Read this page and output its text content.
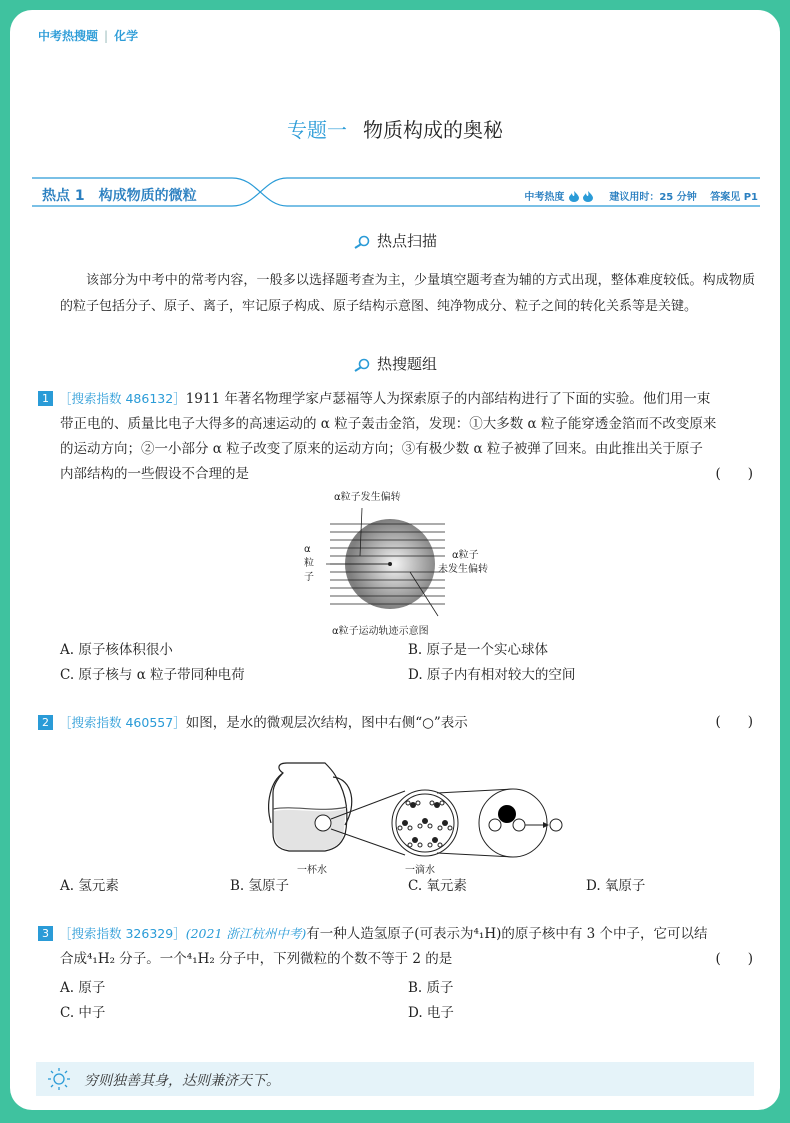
中考热搜题 | 化学
专题一 物质构成的奥秘
热点 1　构成物质的微粒	中考热度	建议用时：25 分钟 答案见 P1
热点扫描
该部分为中考中的常考内容，一般多以选择题考查为主，少量填空题考查为辅的方式出现，整体难度较低。构成物质的粒子包括分子、原子、离子，牢记原子构成、原子结构示意图、纯净物成分、粒子之间的转化关系等是关键。
热搜题组
1 ［搜索指数 486132］1911 年著名物理学家卢瑟福等人为探索原子的内部结构进行了下面的实验。他们用一束
带正电的、质量比电子大得多的高速运动的 α 粒子轰击金箔，发现：①大多数 α 粒子能穿透金箔而不改变原来
的运动方向；②一小部分 α 粒子改变了原来的运动方向；③有极少数 α 粒子被弹了回来。由此推出关于原子
内部结构的一些假设不合理的是	(　　)
α粒子发生偏转
α
粒
子
α粒子
未发生偏转
α粒子运动轨迹示意图
A. 原子核体积很小	B. 原子是一个实心球体
C. 原子核与 α 粒子带同种电荷	D. 原子内有相对较大的空间
2 ［搜索指数 460557］如图，是水的微观层次结构，图中右侧“○”表示	(　　)
一杯水	一滴水
A. 氢元素	B. 氢原子	C. 氧元素	D. 氧原子
3 ［搜索指数 326329］(2021 浙江杭州中考)有一种人造氢原子(可表示为⁴₁H)的原子核中有 3 个中子，它可以结
合成⁴₁H₂ 分子。一个⁴₁H₂ 分子中，下列微粒的个数不等于 2 的是	(　　)
A. 原子	B. 质子
C. 中子	D. 电子
穷则独善其身，达则兼济天下。
